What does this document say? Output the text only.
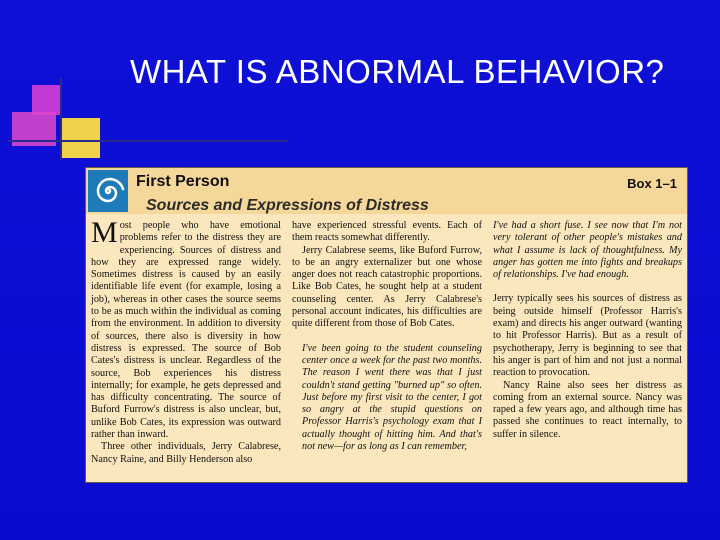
WHAT IS ABNORMAL BEHAVIOR?
First Person	Box 1–1
Sources and Expressions of Distress

Most people who have emotional problems refer to the distress they are experiencing. Sources of distress and how they are expressed range widely. Sometimes distress is caused by an easily identifiable life event (for example, losing a job), whereas in other cases the source seems to be as much within the individual as coming from the environment. In addition to diversity of sources, there also is diversity in how distress is expressed. The source of Bob Cates's distress is unclear. Regardless of the source, Bob experiences his distress internally; for example, he gets depressed and has difficulty concentrating. The source of Buford Furrow's distress is also unclear, but, unlike Bob Cates, its expression was outward rather than inward.

Three other individuals, Jerry Calabrese, Nancy Raine, and Billy Henderson also

have experienced stressful events. Each of them reacts somewhat differently.

Jerry Calabrese seems, like Buford Furrow, to be an angry externalizer but one whose anger does not reach catastrophic proportions. Like Bob Cates, he sought help at a student counseling center. As Jerry Calabrese's personal account indicates, his difficulties are quite different from those of Bob Cates.

I've been going to the student counseling center once a week for the past two months. The reason I went there was that I just couldn't stand getting "burned up" so often. Just before my first visit to the center, I got so angry at the stupid questions on Professor Harris's psychology exam that I actually thought of hitting him. And that's not new—for as long as I can remember,

I've had a short fuse. I see now that I'm not very tolerant of other people's mistakes and what I assume is lack of thoughtfulness. My anger has gotten me into fights and breakups of relationships. I've had enough.

Jerry typically sees his sources of distress as being outside himself (Professor Harris's exam) and directs his anger outward (wanting to hit Professor Harris). But as a result of psychotherapy, Jerry is beginning to see that his anger is part of him and not just a normal reaction to provocation.

Nancy Raine also sees her distress as coming from an external source. Nancy was raped a few years ago, and although time has passed she continues to react internally, to suffer in silence.
